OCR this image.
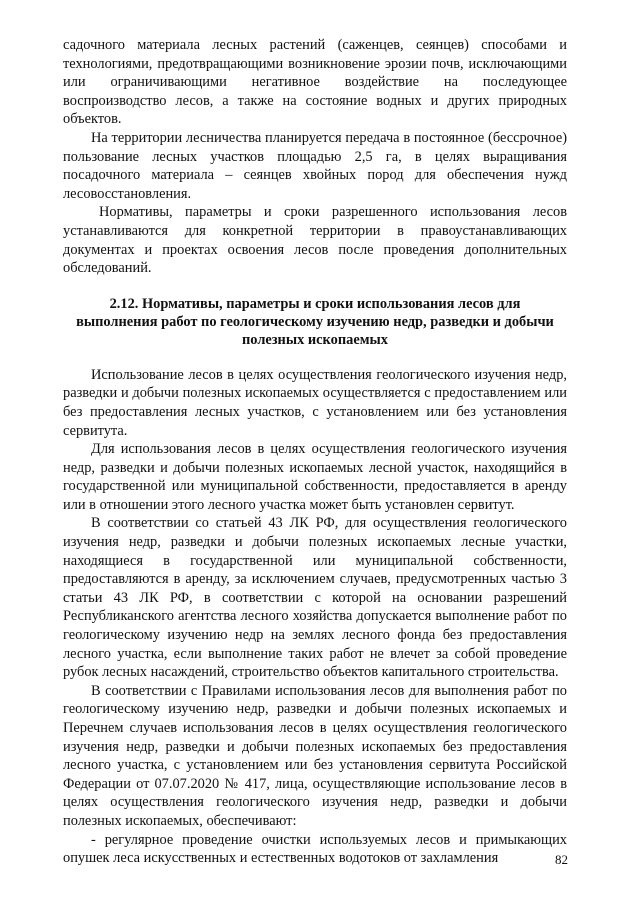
садочного материала лесных растений (саженцев, сеянцев) способами и технологиями, предотвращающими возникновение эрозии почв, исключающими или ограничивающими негативное воздействие на последующее воспроизводство лесов, а также на состояние водных и других природных объектов.

На территории лесничества планируется передача в постоянное (бессрочное) пользование лесных участков площадью 2,5 га, в целях выращивания посадочного материала – сеянцев хвойных пород для обеспечения нужд лесовосстановления.

Нормативы, параметры и сроки разрешенного использования лесов устанавливаются для конкретной территории в правоустанавливающих документах и проектах освоения лесов после проведения дополнительных обследований.

2.12. Нормативы, параметры и сроки использования лесов для выполнения работ по геологическому изучению недр, разведки и добычи полезных ископаемых

Использование лесов в целях осуществления геологического изучения недр, разведки и добычи полезных ископаемых осуществляется с предоставлением или без предоставления лесных участков, с установлением или без установления сервитута.

Для использования лесов в целях осуществления геологического изучения недр, разведки и добычи полезных ископаемых лесной участок, находящийся в государственной или муниципальной собственности, предоставляется в аренду или в отношении этого лесного участка может быть установлен сервитут.

В соответствии со статьей 43 ЛК РФ, для осуществления геологического изучения недр, разведки и добычи полезных ископаемых лесные участки, находящиеся в государственной или муниципальной собственности, предоставляются в аренду, за исключением случаев, предусмотренных частью 3 статьи 43 ЛК РФ, в соответствии с которой на основании разрешений Республиканского агентства лесного хозяйства допускается выполнение работ по геологическому изучению недр на землях лесного фонда без предоставления лесного участка, если выполнение таких работ не влечет за собой проведение рубок лесных насаждений, строительство объектов капитального строительства.

В соответствии с Правилами использования лесов для выполнения работ по геологическому изучению недр, разведки и добычи полезных ископаемых и Перечнем случаев использования лесов в целях осуществления геологического изучения недр, разведки и добычи полезных ископаемых без предоставления лесного участка, с установлением или без установления сервитута Российской Федерации от 07.07.2020 № 417, лица, осуществляющие использование лесов в целях осуществления геологического изучения недр, разведки и добычи полезных ископаемых, обеспечивают:

- регулярное проведение очистки используемых лесов и примыкающих опушек леса искусственных и естественных водотоков от захламления	82
